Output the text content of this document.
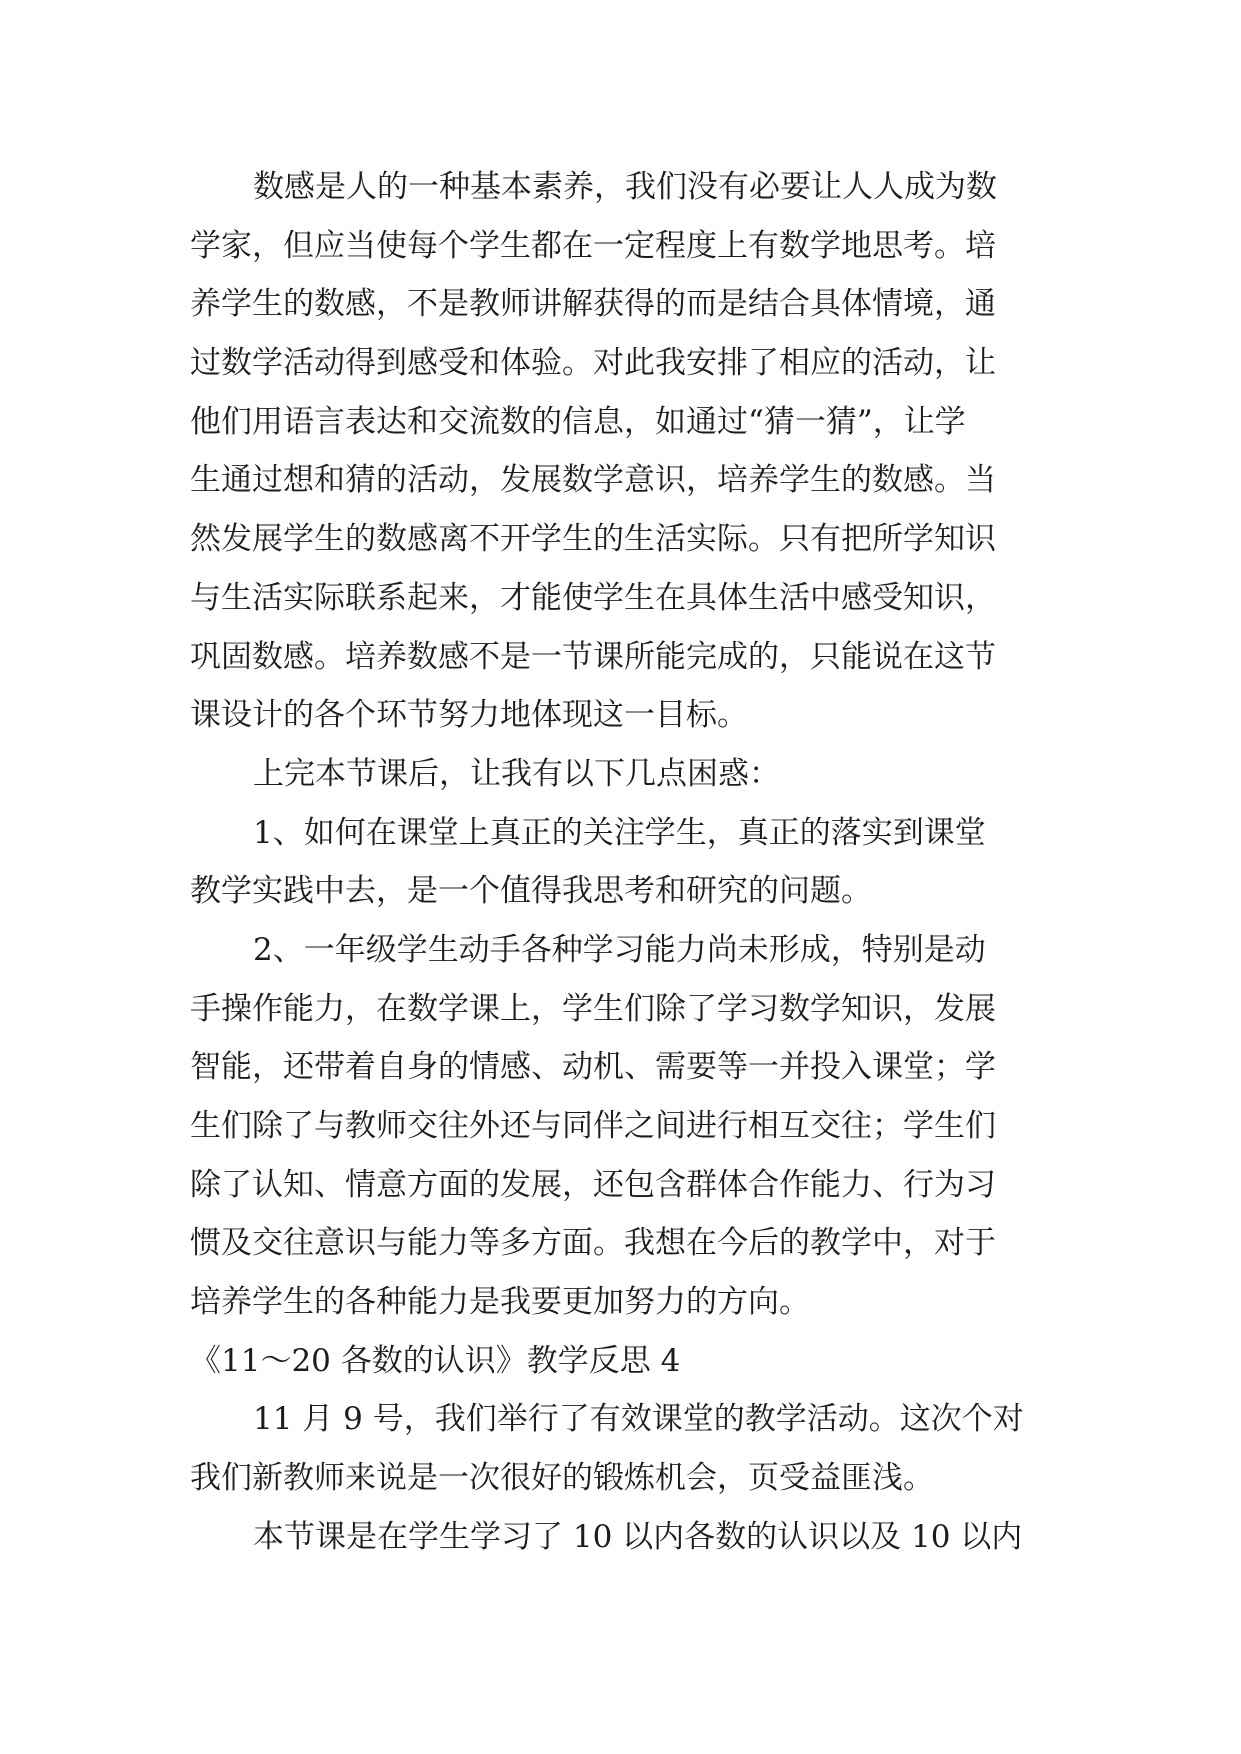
数感是人的一种基本素养，我们没有必要让人人成为数
学家，但应当使每个学生都在一定程度上有数学地思考。培
养学生的数感，不是教师讲解获得的而是结合具体情境，通
过数学活动得到感受和体验。对此我安排了相应的活动，让
他们用语言表达和交流数的信息，如通过“猜一猜”，让学
生通过想和猜的活动，发展数学意识，培养学生的数感。当
然发展学生的数感离不开学生的生活实际。只有把所学知识
与生活实际联系起来，才能使学生在具体生活中感受知识，
巩固数感。培养数感不是一节课所能完成的，只能说在这节
课设计的各个环节努力地体现这一目标。
上完本节课后，让我有以下几点困惑：
1、如何在课堂上真正的关注学生，真正的落实到课堂
教学实践中去，是一个值得我思考和研究的问题。
2、一年级学生动手各种学习能力尚未形成，特别是动
手操作能力，在数学课上，学生们除了学习数学知识，发展
智能，还带着自身的情感、动机、需要等一并投入课堂；学
生们除了与教师交往外还与同伴之间进行相互交往；学生们
除了认知、情意方面的发展，还包含群体合作能力、行为习
惯及交往意识与能力等多方面。我想在今后的教学中，对于
培养学生的各种能力是我要更加努力的方向。
《11～20 各数的认识》教学反思 4
11 月 9 号，我们举行了有效课堂的教学活动。这次个对
我们新教师来说是一次很好的锻炼机会，页受益匪浅。
本节课是在学生学习了 10 以内各数的认识以及 10 以内
